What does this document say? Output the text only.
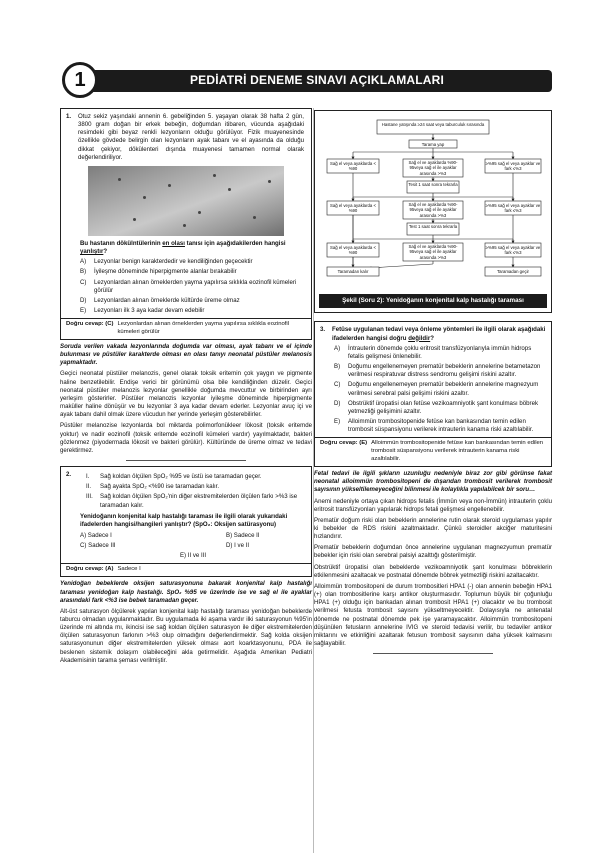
1	PEDİATRİ DENEME SINAVI AÇIKLAMALARI
1. Otuz sekiz yaşındaki annenin 6. gebeliğinden 5. yaşayan olarak 38 hafta 2 gün, 3800 gram doğan bir erkek bebeğin, doğumdan itibaren, vücunda aşağıdaki resimdeki gibi beyaz renkli lezyonların olduğu görülüyor. Fizik muayenesinde özellikle gövdede belirgin olan lezyonların ayak tabanı ve el ayasında da olduğu dikkat çekiyor, dökülenteri dışında muayenesi tamamen normal olarak değerlendiriliyor.
Bu hastanın dökülntülerinin en olası tanısı için aşağıdakilerden hangisi yanlıştır?
A)	Lezyonlar benign karakterdedir ve kendiliğinden geçecektir
B)	İyileşme döneminde hiperpigmente alanlar bırakabilir
C)	Lezyonlardan alınan örneklerden yayma yapılırsa sıklıkla eozinofil kümeleri görülür
D)	Lezyonlardan alınan örneklerde kültürde üreme olmaz
E)	Lezyonları ilk 3 aya kadar devam edebilir
Doğru cevap: (C) Lezyonlardan alınan örneklerden yayma yapılırsa sıklıkla eozinofil kümeleri görülür

Soruda verilen vakada lezyonlarında doğumda var olması, ayak tabanı ve el içinde bulunması ve püstüler karakterde olması en olası tanıyı neonatal püstüler melanosis yapmaktadır.

Geçici neonatal püstüler melanozis, genel olarak toksik eritemin çok yaygın ve pigmente haline benzetilebilir. Endişe verici bir görünümü olsa bile kendiliğinden düzelir. Geçici neonatal püstüler melanozis lezyonlar genellikle doğumda mevcuttur ve birbirinden ayrı yerleşim gösterirler. Püstüler melanozis lezyonlar iyileşme döneminde hiperpigmente maküller haline dönüşür ve bu lezyonlar 3 aya kadar devam ederler. Lezyonlar avuç içi ve ayak tabanı dahil olmak üzere vücudun her yerinde yerleşim gösterebilirler.

Püstüler melanozise lezyonlarda bol miktarda polimorfonükleer lökosit (toksik eritemde yoktur) ve nadir eozinofil (toksik eritemde eozinofil kümeleri vardır) yayılmaktadır, bakteri gözlenmez (piyodermada lökosit ve bakteri görülür). Kültüründe de üreme olmaz ve tedavi gerektirmez.

2.	I.	Sağ koldan ölçülen SpO₂ %95 ve üstü ise taramadan geçer.
II.	Sağ ayakta SpO₂ <%90 ise taramadan kalır.
III.	Sağ koldan ölçülen SpO₂'nin diğer ekstremitelerden ölçülen farkı >%3 ise taramadan kalır.
Yenidoğanın konjenital kalp hastalığı taraması ile ilgili olarak yukarıdaki ifadelerden hangisi/hangileri yanlıştır? (SpO₂: Oksijen satürasyonu)
A) Sadece I	B) Sadece II
C) Sadece III	D) I ve II
E) II ve III
Doğru cevap: (A) Sadece I

Yenidoğan bebeklerde oksijen saturasyonuna bakarak konjenital kalp hastalığı taraması yenidoğan kalp hastalığı. SpO₂ %95 ve üzerinde ise ve sağ el ile ayaklar arasındaki fark <%3 ise bebek taramadan geçer.

Alt-üst saturasyon ölçülerek yapılan konjenital kalp hastalığı taraması yenidoğan bebeklerde taburcu olmadan uygulanmaktadır. Bu uygulamada iki aşama vardır ilki saturasyonun %95'in üzerinde mi altında mı, ikincisi ise sağ koldan ölçülen saturasyon ile diğer ekstremitelerden ölçülen saturasyonun farkının >%3 olup olmadığını değerlendirmektir. Sağ kolda oksijen saturasyonunun diğer ekstremitelerden yüksek olması aort koarktasyonunu, PDA ile beslenen sistemik dolaşım olabileceğini akla getirmelidir. Aşağıda Amerikan Pediatri Akademisinin tarama şeması verilmiştir.

Hastane yatışında ≥24 saat veya taburculuk sırasında
Tarama yap
Sağ el veya ayaklarda < %90
Sağ el ve ayaklarda %90-95veya sağ el ile ayaklar arasında >%3
≥%95 sağ el veya ayaklar ve fark ≤%3
Tesit 1 saat sonra tekrarla
Sağ el veya ayaklarda < %90
Sağ el ve ayaklarda %90-95veya sağ el ile ayaklar arasında >%3
≥%95 sağ el veya ayaklar ve fark ≤%3
Test 1 saat sonra tekrarla
Sağ el veya ayaklarda < %90
Sağ el ve ayaklarda %90-95veya sağ el ile ayaklar arasında >%3
≥%95 sağ el veya ayaklar ve fark ≤%3
Taramadan kalır	Taramadan geçir
Şekil (Soru 2): Yenidoğanın konjenital kalp hastalığı taraması
3.	Fetüse uygulanan tedavi veya önleme yöntemleri ile ilgili olarak aşağıdaki ifadelerden hangisi doğru değildir?
A)	İntrauterin dönemde çoklu eritrosit transfüzyonlarıyla immün hidrops fetalis gelişmesi önlenebilir.
B)	Doğumu engellenemeyen prematür bebeklerin annelerine betametazon verilmesi respiratuvar distress sendromu gelişimi riskini azaltır.
C)	Doğumu engellenemeyen prematür bebeklerin annelerine magnezyum verilmesi serebral palsi gelişimi riskini azaltır.
D)	Obstrüktif üropatisi olan fetüse vezikoamniyotik şant konulması böbrek yetmezliği gelişimini azaltır.
E)	Alloimmün trombositopenide fetüse kan bankasından temin edilen trombosit süspansiyonu verilerek intrauterin kanama riski azaltılabilir.
Doğru cevap: (E) Alloimmün trombositopenide fetüse kan bankasından temin edilen trombosit süspansiyonu verilerek intrauterin kanama riski azaltılabilir.

Fetal tedavi ile ilgili şıkların uzunluğu nedeniyle biraz zor gibi görünse fakat neonatal alloimmün trombositopeni de dışarıdan trombosit verilerek trombosit sayısının yükseltilemeyeceğini bilinmesi ile kolaylıkla yapılabilcek bir soru…

Anemi nedeniyle ortaya çıkan hidrops fetalis (İmmün veya non-İmmün) intrauterin çoklu eritrosit transfüzyonları yapılarak hidrops fetali gelişmesi engellenebilir.

Prematür doğum riski olan bebeklerin annelerine rutin olarak steroid uygulaması yapılır ki bebekler de RDS riskini azaltmaktadır. Çünkü steroidler akciğer maturitesini hızlandırır.

Prematür bebeklerin doğumdan önce annelerine uygulanan magnezyumun prematür bebekler için riski olan serebral palsiyi azalttığı gösterilmiştir.

Obstrüktif üropatisi olan bebeklerde vezikoamniyotik şant konulması böbreklerin etkilenmesini azaltacak ve postnatal dönemde böbrek yetmezliği riskini azaltacaktır.

Alloimmün trombositopeni de durum trombositleri HPA1 (-) olan annenin bebeğin HPA1 (+) olan trombositlerine karşı antikor oluşturmasıdır. Toplumun büyük bir çoğunluğu HPA1 (+) olduğu için bankadan alınan trombosit HPA1 (+) olacaktır ve bu trombosit verilmesi fetusta trombosit sayısını yükseltmeyecektir. Dolayısıyla ne antenatal dönemde ne postnatal dönemde pek işe yaramayacaktır. Alloimmün trombositopeni düşünülen fetusların annelerine IVIG ve steroid tedavisi verilir, bu tedaviler antikor miktarını ve etkinliğini azaltarak fetusun trombosit sayısının daha yüksek kalmasını sağlayabilir.
